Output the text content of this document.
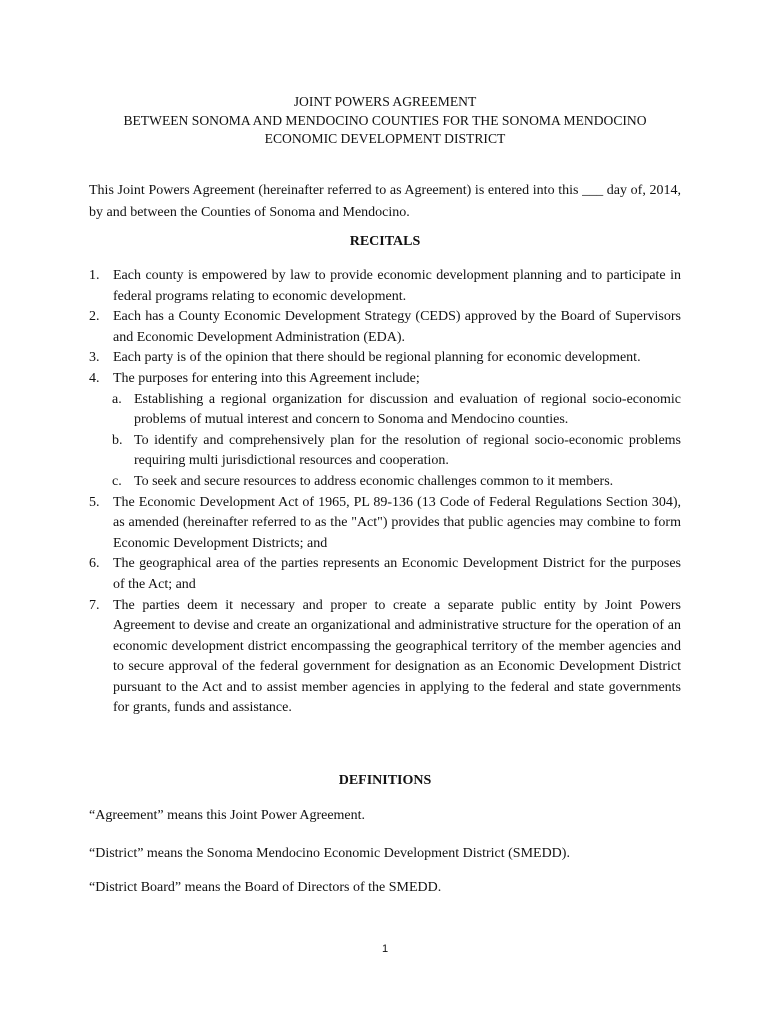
JOINT POWERS AGREEMENT
BETWEEN SONOMA AND MENDOCINO COUNTIES FOR THE SONOMA MENDOCINO
ECONOMIC DEVELOPMENT DISTRICT
This Joint Powers Agreement (hereinafter referred to as Agreement) is entered into this ___ day of, 2014, by and between the Counties of Sonoma and Mendocino.
RECITALS
1. Each county is empowered by law to provide economic development planning and to participate in federal programs relating to economic development.
2. Each has a County Economic Development Strategy (CEDS) approved by the Board of Supervisors and Economic Development Administration (EDA).
3. Each party is of the opinion that there should be regional planning for economic development.
4. The purposes for entering into this Agreement include;
a. Establishing a regional organization for discussion and evaluation of regional socio-economic problems of mutual interest and concern to Sonoma and Mendocino counties.
b. To identify and comprehensively plan for the resolution of regional socio-economic problems requiring multi jurisdictional resources and cooperation.
c. To seek and secure resources to address economic challenges common to it members.
5. The Economic Development Act of 1965, PL 89-136 (13 Code of Federal Regulations Section 304), as amended (hereinafter referred to as the "Act") provides that public agencies may combine to form Economic Development Districts; and
6. The geographical area of the parties represents an Economic Development District for the purposes of the Act; and
7. The parties deem it necessary and proper to create a separate public entity by Joint Powers Agreement to devise and create an organizational and administrative structure for the operation of an economic development district encompassing the geographical territory of the member agencies and to secure approval of the federal government for designation as an Economic Development District pursuant to the Act and to assist member agencies in applying to the federal and state governments for grants, funds and assistance.
DEFINITIONS
“Agreement” means this Joint Power Agreement.
“District” means the Sonoma Mendocino Economic Development District (SMEDD).
“District Board” means the Board of Directors of the SMEDD.
1
